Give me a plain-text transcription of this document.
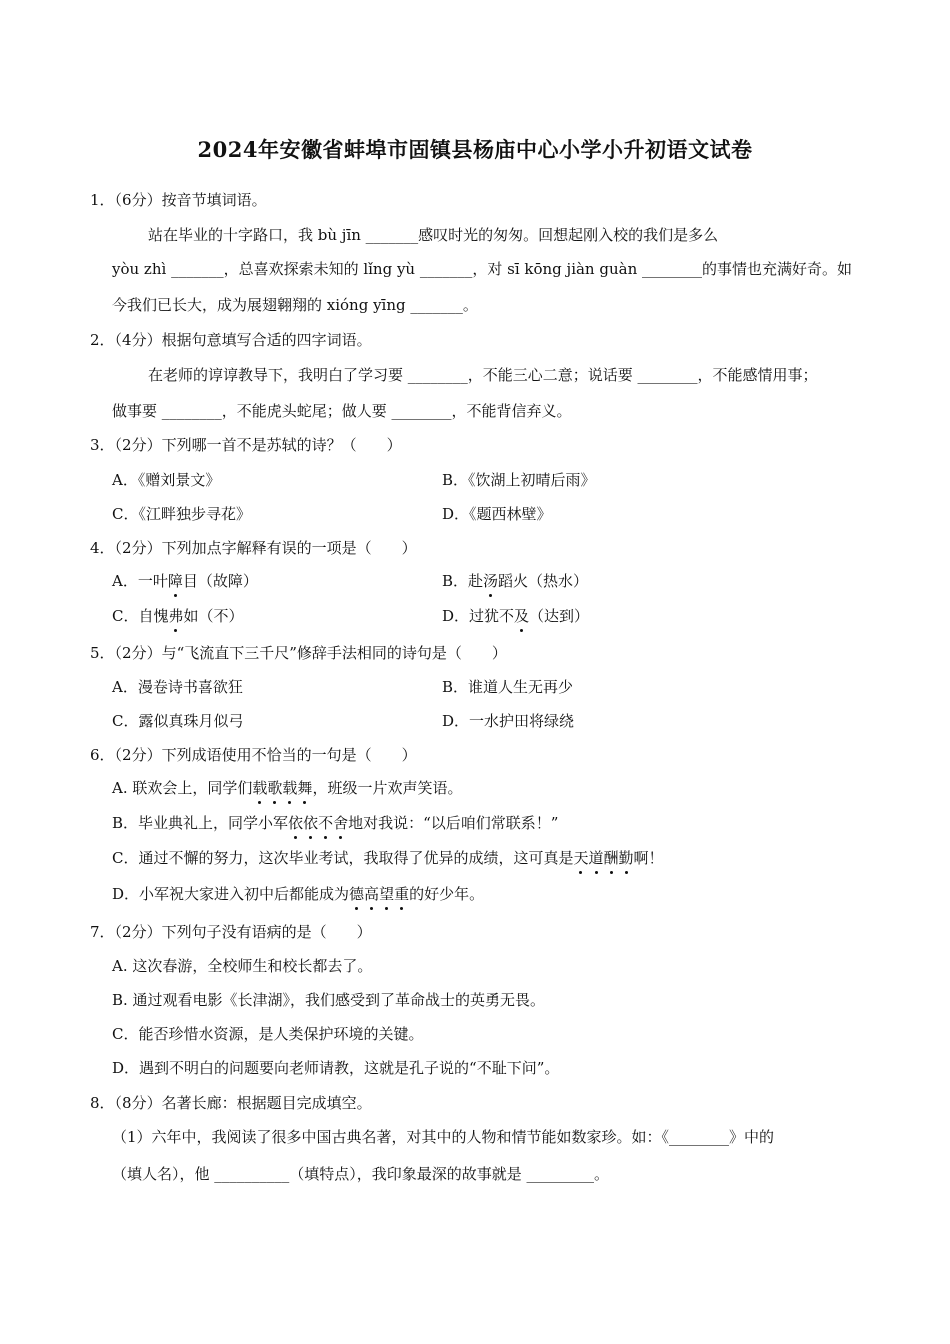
2024年安徽省蚌埠市固镇县杨庙中心小学小升初语文试卷
1．（6分）按音节填词语。
站在毕业的十字路口，我 bù jīn _______感叹时光的匆匆。回想起刚入校的我们是多么
yòu zhì _______，总喜欢探索未知的 lǐng yù _______，对 sī kōng jiàn guàn ________的事情也充满好奇。如
今我们已长大，成为展翅翱翔的 xióng yīng _______。
2．（4分）根据句意填写合适的四字词语。
在老师的谆谆教导下，我明白了学习要 ________，不能三心二意；说话要 ________，不能感情用事；
做事要 ________，不能虎头蛇尾；做人要 ________，不能背信弃义。
3．（2分）下列哪一首不是苏轼的诗？（　　）
A．《赠刘景文》	B．《饮湖上初晴后雨》
C．《江畔独步寻花》	D．《题西林壁》
4．（2分）下列加点字解释有误的一项是（　　）
A．一叶障目（故障）	B．赴汤蹈火（热水）
C．自愧弗如（不）	D．过犹不及（达到）
5．（2分）与“飞流直下三千尺”修辞手法相同的诗句是（　　）
A．漫卷诗书喜欲狂	B．谁道人生无再少
C．露似真珠月似弓	D．一水护田将绿绕
6．（2分）下列成语使用不恰当的一句是（　　）
A. 联欢会上，同学们载歌载舞，班级一片欢声笑语。
B．毕业典礼上，同学小军依依不舍地对我说：“以后咱们常联系！”
C．通过不懈的努力，这次毕业考试，我取得了优异的成绩，这可真是天道酬勤啊！
D．小军祝大家进入初中后都能成为德高望重的好少年。
7．（2分）下列句子没有语病的是（　　）
A. 这次春游，全校师生和校长都去了。
B. 通过观看电影《长津湖》，我们感受到了革命战士的英勇无畏。
C．能否珍惜水资源，是人类保护环境的关键。
D．遇到不明白的问题要向老师请教，这就是孔子说的“不耻下问”。
8．（8分）名著长廊：根据题目完成填空。
（1）六年中，我阅读了很多中国古典名著，对其中的人物和情节能如数家珍。如：《________》中的
（填人名），他 __________（填特点），我印象最深的故事就是 _________。
